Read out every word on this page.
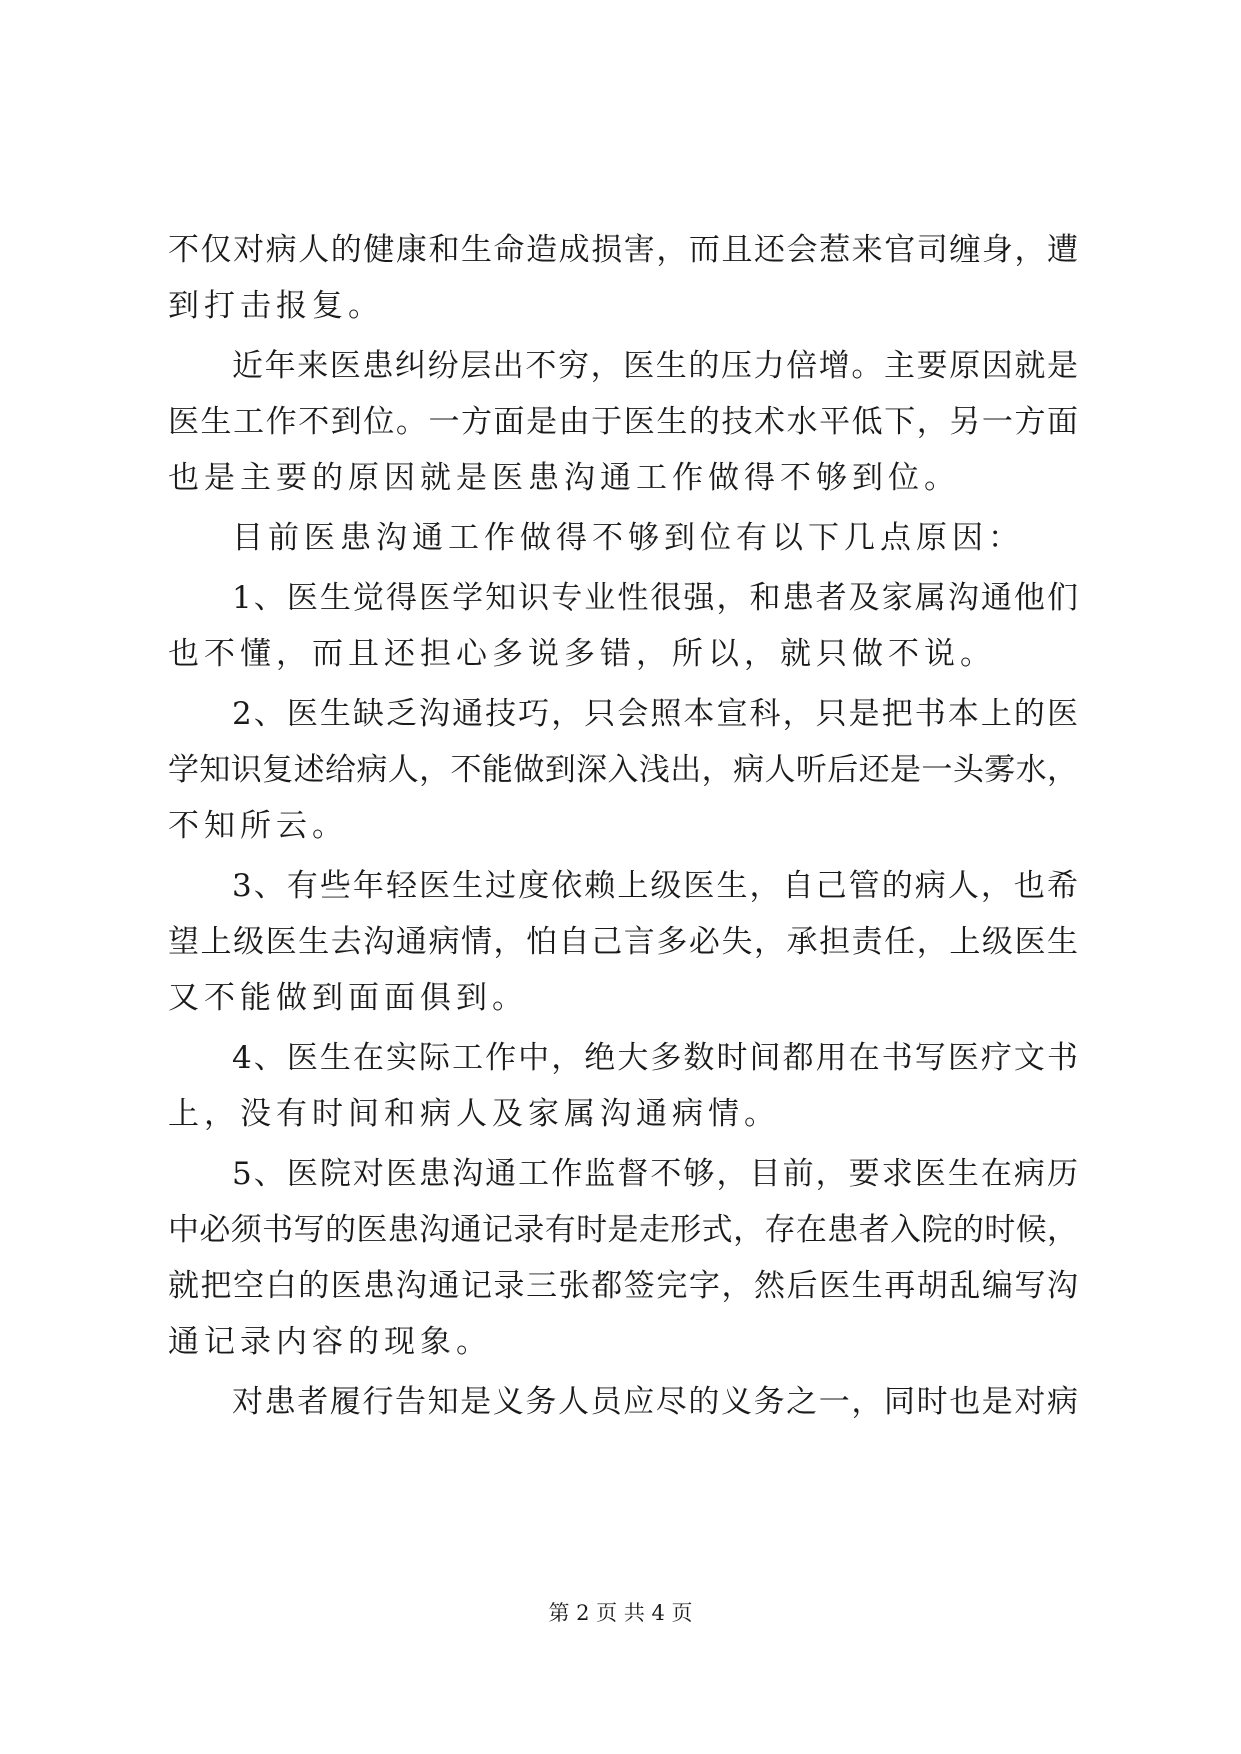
不仅对病人的健康和生命造成损害，而且还会惹来官司缠身，遭
到打击报复。
近年来医患纠纷层出不穷，医生的压力倍增。主要原因就是
医生工作不到位。一方面是由于医生的技术水平低下，另一方面
也是主要的原因就是医患沟通工作做得不够到位。
目前医患沟通工作做得不够到位有以下几点原因：
1、医生觉得医学知识专业性很强，和患者及家属沟通他们
也不懂，而且还担心多说多错，所以，就只做不说。
2、医生缺乏沟通技巧，只会照本宣科，只是把书本上的医
学知识复述给病人，不能做到深入浅出，病人听后还是一头雾水，
不知所云。
3、有些年轻医生过度依赖上级医生，自己管的病人，也希
望上级医生去沟通病情，怕自己言多必失，承担责任，上级医生
又不能做到面面俱到。
4、医生在实际工作中，绝大多数时间都用在书写医疗文书
上，没有时间和病人及家属沟通病情。
5、医院对医患沟通工作监督不够，目前，要求医生在病历
中必须书写的医患沟通记录有时是走形式，存在患者入院的时候，
就把空白的医患沟通记录三张都签完字，然后医生再胡乱编写沟
通记录内容的现象。
对患者履行告知是义务人员应尽的义务之一，同时也是对病
第 2 页 共 4 页
